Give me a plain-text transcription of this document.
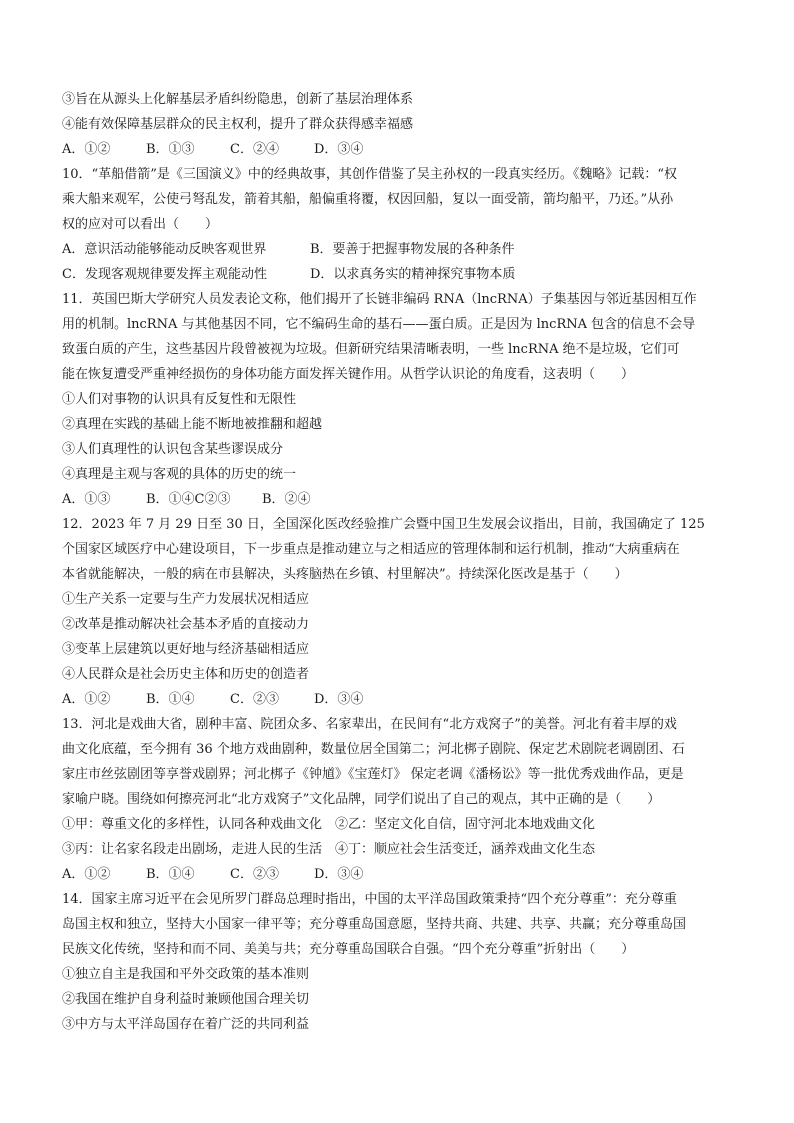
③旨在从源头上化解基层矛盾纠纷隐患，创新了基层治理体系
④能有效保障基层群众的民主权利，提升了群众获得感幸福感
A．①②	B．①③	C．②④	D．③④
10．“革船借箭”是《三国演义》中的经典故事，其创作借鉴了吴主孙权的一段真实经历。《魏略》记载：“权
乘大船来观军，公使弓弩乱发，箭着其船，船偏重将覆，权因回船，复以一面受箭，箭均船平，乃还。”从孙
权的应对可以看出（　　）
A．意识活动能够能动反映客观世界	B．要善于把握事物发展的各种条件
C．发现客观规律要发挥主观能动性	D．以求真务实的精神探究事物本质
11．英国巴斯大学研究人员发表论文称，他们揭开了长链非编码 RNA（lncRNA）子集基因与邻近基因相互作
用的机制。lncRNA 与其他基因不同，它不编码生命的基石——蛋白质。正是因为 lncRNA 包含的信息不会导
致蛋白质的产生，这些基因片段曾被视为垃圾。但新研究结果清晰表明，一些 lncRNA 绝不是垃圾，它们可
能在恢复遭受严重神经损伤的身体功能方面发挥关键作用。从哲学认识论的角度看，这表明（　　）
①人们对事物的认识具有反复性和无限性
②真理在实践的基础上能不断地被推翻和超越
③人们真理性的认识包含某些谬误成分
④真理是主观与客观的具体的历史的统一
A．①③	B．①④C②③ B．②④
12．2023 年 7 月 29 日至 30 日，全国深化医改经验推广会暨中国卫生发展会议指出，目前，我国确定了 125
个国家区域医疗中心建设项目，下一步重点是推动建立与之相适应的管理体制和运行机制，推动“大病重病在
本省就能解决，一般的病在市县解决，头疼脑热在乡镇、村里解决”。持续深化医改是基于（　　）
①生产关系一定要与生产力发展状况相适应
②改革是推动解决社会基本矛盾的直接动力
③变革上层建筑以更好地与经济基础相适应
④人民群众是社会历史主体和历史的创造者
A．①②	B．①④	C．②③	D．③④
13．河北是戏曲大省，剧种丰富、院团众多、名家辈出，在民间有“北方戏窝子”的美誉。河北有着丰厚的戏
曲文化底蕴，至今拥有 36 个地方戏曲剧种，数量位居全国第二；河北梆子剧院、保定艺术剧院老调剧团、石
家庄市丝弦剧团等享誉戏剧界；河北梆子《钟馗》《宝莲灯》 保定老调《潘杨讼》等一批优秀戏曲作品，更是
家喻户晓。围绕如何擦亮河北“北方戏窝子”文化品牌，同学们说出了自己的观点，其中正确的是（　　）
①甲：尊重文化的多样性，认同各种戏曲文化　②乙：坚定文化自信，固守河北本地戏曲文化
③丙：让名家名段走出剧场，走进人民的生活　④丁：顺应社会生活变迁，涵养戏曲文化生态
A．①②	B．①④	C．②③	D．③④
14．国家主席习近平在会见所罗门群岛总理时指出，中国的太平洋岛国政策秉持“四个充分尊重”：充分尊重
岛国主权和独立，坚持大小国家一律平等；充分尊重岛国意愿，坚持共商、共建、共享、共赢；充分尊重岛国
民族文化传统，坚持和而不同、美美与共；充分尊重岛国联合自强。“四个充分尊重”折射出（　　）
①独立自主是我国和平外交政策的基本准则
②我国在维护自身利益时兼顾他国合理关切
③中方与太平洋岛国存在着广泛的共同利益
